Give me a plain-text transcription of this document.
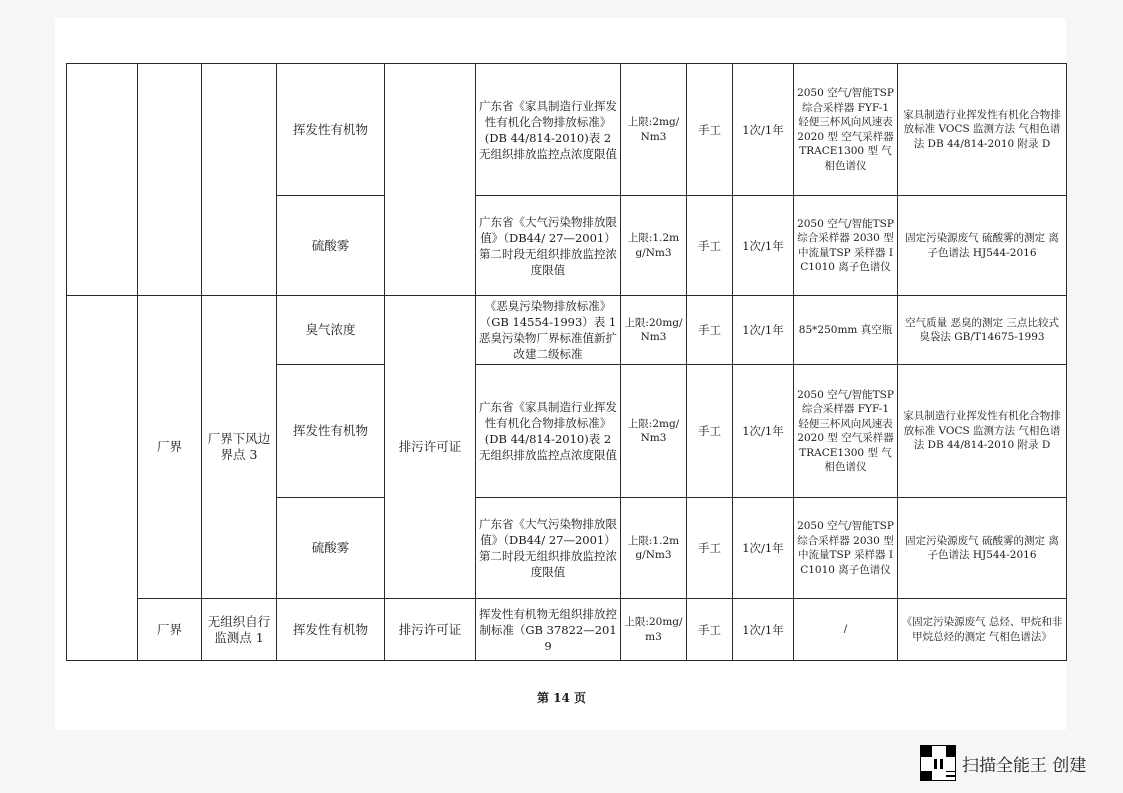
			挥发性有机物		广东省《家具制造行业挥发性有机化合物排放标准》(DB 44/814-2010)表 2 无组织排放监控点浓度限值	上限:2mg/Nm3	手工	1次/1年	2050 空气/智能TSP 综合采样器 FYF-1 轻便三杯风向风速表 2020 型 空气采样器 TRACE1300 型 气相色谱仪	家具制造行业挥发性有机化合物排放标准 VOCS 监测方法 气相色谱法 DB 44/814-2010 附录 D
			硫酸雾		广东省《大气污染物排放限值》（DB44/ 27—2001）第二时段无组织排放监控浓度限值	上限:1.2mg/Nm3	手工	1次/1年	2050 空气/智能TSP 综合采样器 2030 型 中流量TSP 采样器 IC1010 离子色谱仪	固定污染源废气 硫酸雾的测定 离子色谱法 HJ544-2016
	厂界	厂界下风边界点 3	臭气浓度	排污许可证	《恶臭污染物排放标准》（GB 14554-1993）表 1 恶臭污染物厂界标准值新扩改建二级标准	上限:20mg/Nm3	手工	1次/1年	85*250mm 真空瓶	空气质量 恶臭的测定 三点比较式臭袋法 GB/T14675-1993
			挥发性有机物		广东省《家具制造行业挥发性有机化合物排放标准》(DB 44/814-2010)表 2 无组织排放监控点浓度限值	上限:2mg/Nm3	手工	1次/1年	2050 空气/智能TSP 综合采样器 FYF-1 轻便三杯风向风速表 2020 型 空气采样器 TRACE1300 型 气相色谱仪	家具制造行业挥发性有机化合物排放标准 VOCS 监测方法 气相色谱法 DB 44/814-2010 附录 D
			硫酸雾		广东省《大气污染物排放限值》（DB44/ 27—2001）第二时段无组织排放监控浓度限值	上限:1.2mg/Nm3	手工	1次/1年	2050 空气/智能TSP 综合采样器 2030 型 中流量TSP 采样器 IC1010 离子色谱仪	固定污染源废气 硫酸雾的测定 离子色谱法 HJ544-2016
	厂界	无组织自行监测点 1	挥发性有机物	排污许可证	挥发性有机物无组织排放控制标准（GB 37822—2019	上限:20mg/m3	手工	1次/1年	/	《固定污染源废气 总烃、甲烷和非甲烷总烃的测定 气相色谱法》
第 14 页
扫描全能王 创建
